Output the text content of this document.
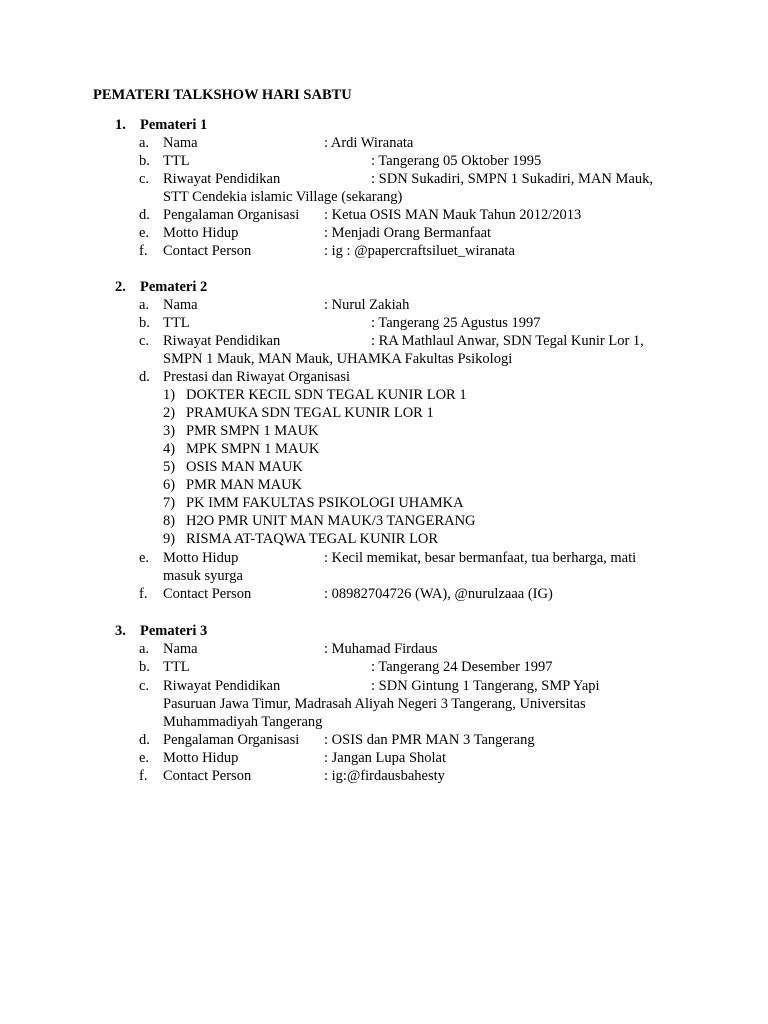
PEMATERI TALKSHOW HARI SABTU
1. Pemateri 1
a. Nama	: Ardi Wiranata
b. TTL	: Tangerang 05 Oktober 1995
c. Riwayat Pendidikan	: SDN Sukadiri, SMPN 1 Sukadiri, MAN Mauk,
STT Cendekia islamic Village (sekarang)
d. Pengalaman Organisasi : Ketua OSIS MAN Mauk Tahun 2012/2013
e. Motto Hidup	: Menjadi Orang Bermanfaat
f. Contact Person	: ig : @papercraftsiluet_wiranata
2. Pemateri 2
a. Nama	: Nurul Zakiah
b. TTL	: Tangerang 25 Agustus 1997
c. Riwayat Pendidikan	: RA Mathlaul Anwar, SDN Tegal Kunir Lor 1,
SMPN 1 Mauk, MAN Mauk, UHAMKA Fakultas Psikologi
d. Prestasi dan Riwayat Organisasi
1) DOKTER KECIL SDN TEGAL KUNIR LOR 1
2) PRAMUKA SDN TEGAL KUNIR LOR 1
3) PMR SMPN 1 MAUK
4) MPK SMPN 1 MAUK
5) OSIS MAN MAUK
6) PMR MAN MAUK
7) PK IMM FAKULTAS PSIKOLOGI UHAMKA
8) H2O PMR UNIT MAN MAUK/3 TANGERANG
9) RISMA AT-TAQWA TEGAL KUNIR LOR
e. Motto Hidup	: Kecil memikat, besar bermanfaat, tua berharga, mati
masuk syurga
f. Contact Person	: 08982704726 (WA), @nurulzaaa (IG)
3. Pemateri 3
a. Nama	: Muhamad Firdaus
b. TTL	: Tangerang 24 Desember 1997
c. Riwayat Pendidikan	: SDN Gintung 1 Tangerang, SMP Yapi
Pasuruan Jawa Timur, Madrasah Aliyah Negeri 3 Tangerang, Universitas
Muhammadiyah Tangerang
d. Pengalaman Organisasi : OSIS dan PMR MAN 3 Tangerang
e. Motto Hidup	: Jangan Lupa Sholat
f. Contact Person	: ig:@firdausbahesty
